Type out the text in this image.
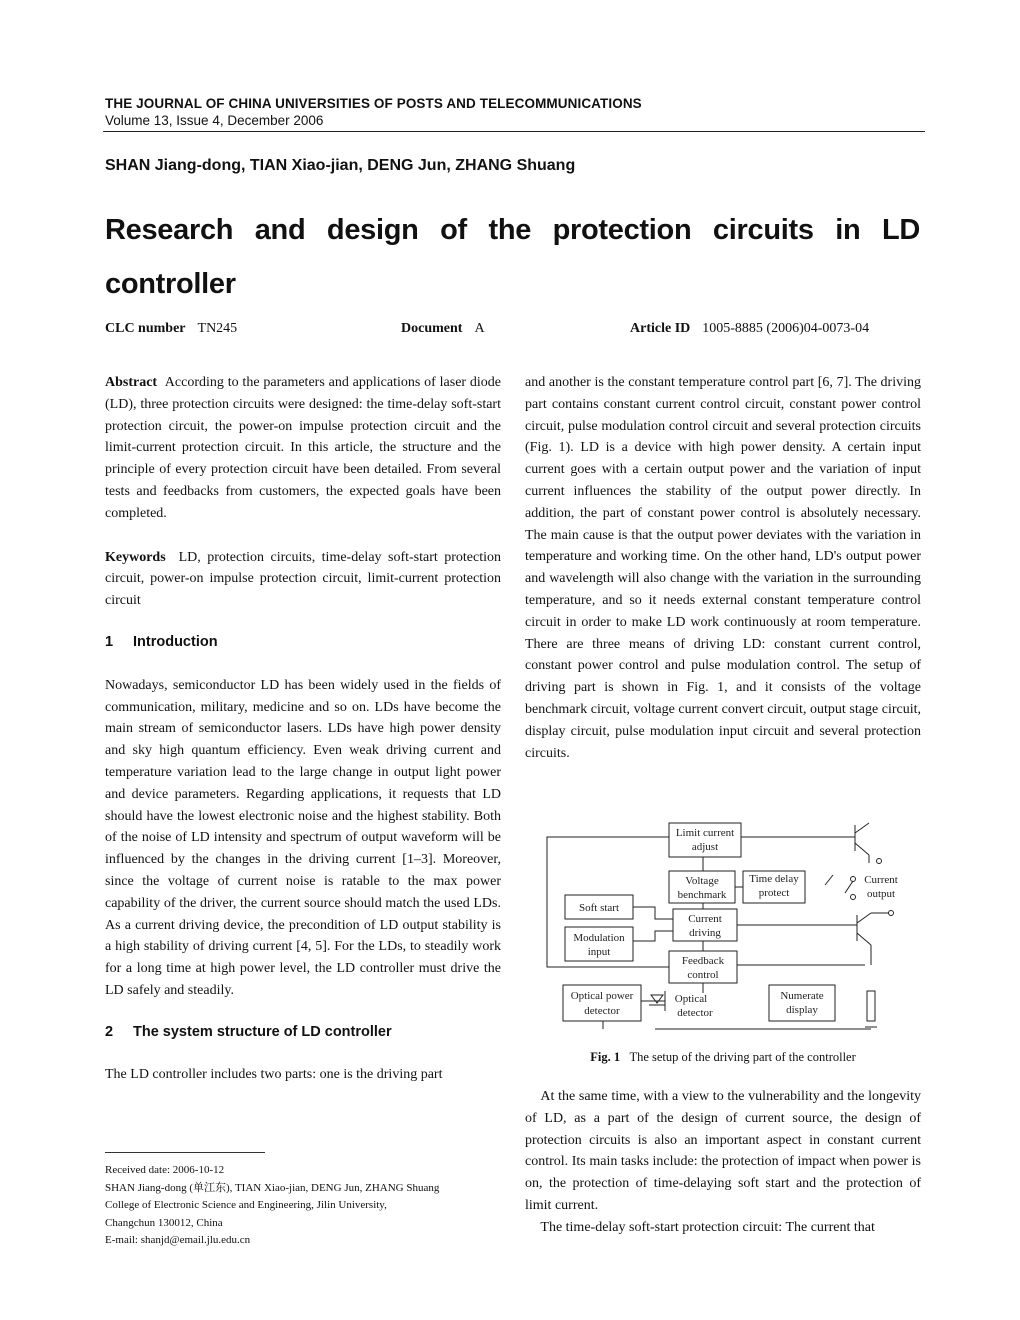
THE JOURNAL OF CHINA UNIVERSITIES OF POSTS AND TELECOMMUNICATIONS
Volume 13, Issue 4, December 2006
SHAN Jiang-dong, TIAN Xiao-jian, DENG Jun, ZHANG Shuang
Research and design of the protection circuits in LD controller
CLC number TN245	Document A	Article ID 1005-8885 (2006)04-0073-04

Abstract According to the parameters and applications of laser diode (LD), three protection circuits were designed: the time-delay soft-start protection circuit, the power-on impulse protection circuit and the limit-current protection circuit. In this article, the structure and the principle of every protection circuit have been detailed. From several tests and feedbacks from customers, the expected goals have been completed.

Keywords LD, protection circuits, time-delay soft-start protection circuit, power-on impulse protection circuit, limit-current protection circuit

1 Introduction

Nowadays, semiconductor LD has been widely used in the fields of communication, military, medicine and so on. LDs have become the main stream of semiconductor lasers. LDs have high power density and sky high quantum efficiency. Even weak driving current and temperature variation lead to the large change in output light power and device parameters. Regarding applications, it requests that LD should have the lowest electronic noise and the highest stability. Both of the noise of LD intensity and spectrum of output waveform will be influenced by the changes in the driving current [1–3]. Moreover, since the voltage of current noise is ratable to the max power capability of the driver, the current source should match the used LDs. As a current driving device, the precondition of LD output stability is a high stability of driving current [4, 5]. For the LDs, to steadily work for a long time at high power level, the LD controller must drive the LD safely and steadily.

2 The system structure of LD controller

The LD controller includes two parts: one is the driving part

and another is the constant temperature control part [6, 7]. The driving part contains constant current control circuit, constant power control circuit, pulse modulation control circuit and several protection circuits (Fig. 1). LD is a device with high power density. A certain input current goes with a certain output power and the variation of input current influences the stability of the output power directly. In addition, the part of constant power control is absolutely necessary. The main cause is that the output power deviates with the variation in temperature and working time. On the other hand, LD's output power and wavelength will also change with the variation in the surrounding temperature, and so it needs external constant temperature control circuit in order to make LD work continuously at room temperature. There are three means of driving LD: constant current control, constant power control and pulse modulation control. The setup of driving part is shown in Fig. 1, and it consists of the voltage benchmark circuit, voltage current convert circuit, output stage circuit, display circuit, pulse modulation input circuit and several protection circuits.

Limit current
adjust
Voltage
benchmark
Time delay
protect
Soft start
Current
driving
Modulation
input
Feedback
control
Optical power
detector
Optical
detector
Numerate
display
Current
output
Fig. 1 The setup of the driving part of the controller

At the same time, with a view to the vulnerability and the longevity of LD, as a part of the design of current source, the design of protection circuits is also an important aspect in constant current control. Its main tasks include: the protection of impact when power is on, the protection of time-delaying soft start and the protection of limit current.

The time-delay soft-start protection circuit: The current that

Received date: 2006-10-12
SHAN Jiang-dong (单江东), TIAN Xiao-jian, DENG Jun, ZHANG Shuang
College of Electronic Science and Engineering, Jilin University,
Changchun 130012, China
E-mail: shanjd@email.jlu.edu.cn
